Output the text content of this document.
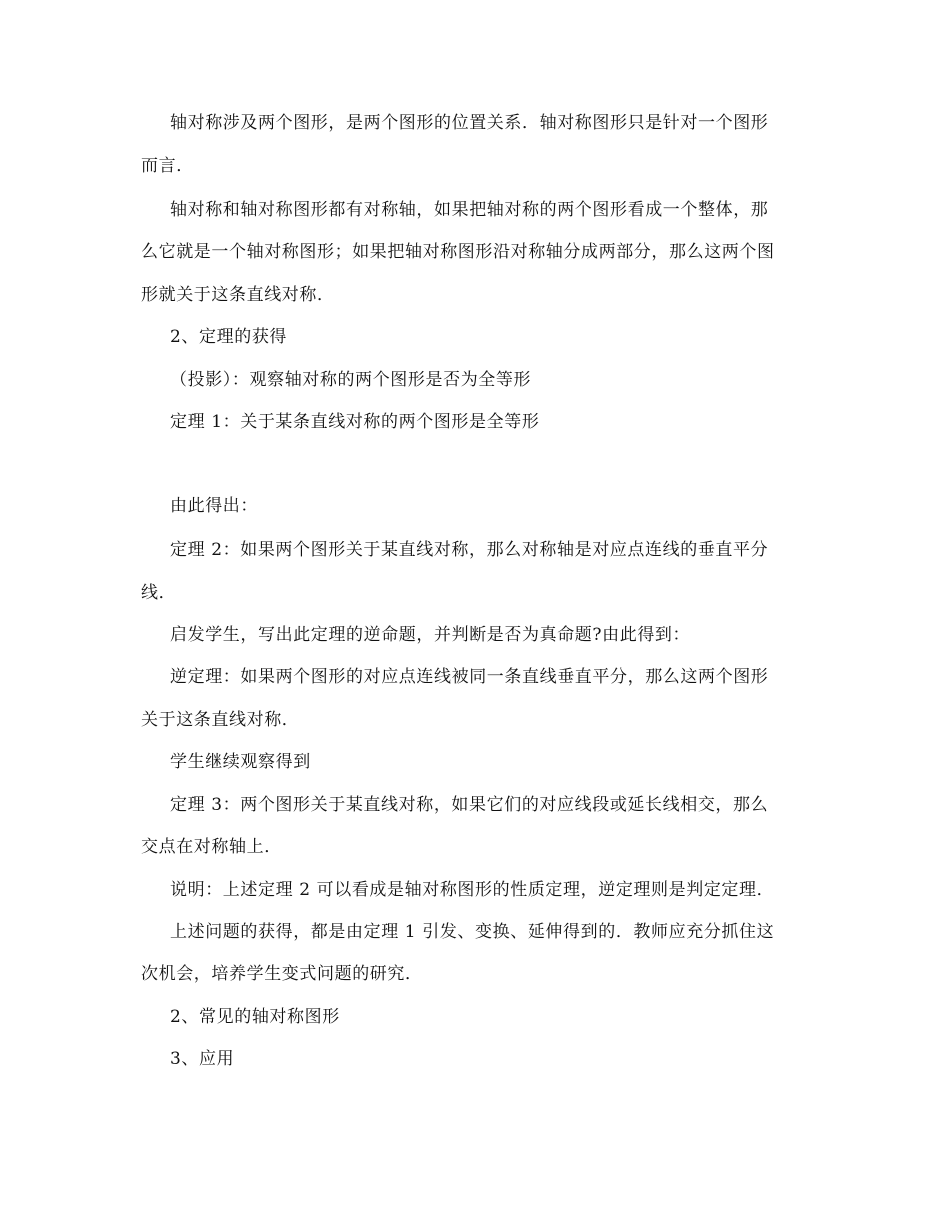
轴对称涉及两个图形，是两个图形的位置关系．轴对称图形只是针对一个图形
而言．
轴对称和轴对称图形都有对称轴，如果把轴对称的两个图形看成一个整体，那
么它就是一个轴对称图形；如果把轴对称图形沿对称轴分成两部分，那么这两个图
形就关于这条直线对称．
2、定理的获得
（投影）：观察轴对称的两个图形是否为全等形
定理 1：关于某条直线对称的两个图形是全等形
由此得出：
定理 2：如果两个图形关于某直线对称，那么对称轴是对应点连线的垂直平分
线．
启发学生，写出此定理的逆命题，并判断是否为真命题?由此得到：
逆定理：如果两个图形的对应点连线被同一条直线垂直平分，那么这两个图形
关于这条直线对称．
学生继续观察得到
定理 3：两个图形关于某直线对称，如果它们的对应线段或延长线相交，那么
交点在对称轴上．
说明：上述定理 2 可以看成是轴对称图形的性质定理，逆定理则是判定定理．
上述问题的获得，都是由定理 1 引发、变换、延伸得到的．教师应充分抓住这
次机会，培养学生变式问题的研究．
2、常见的轴对称图形
3、应用
